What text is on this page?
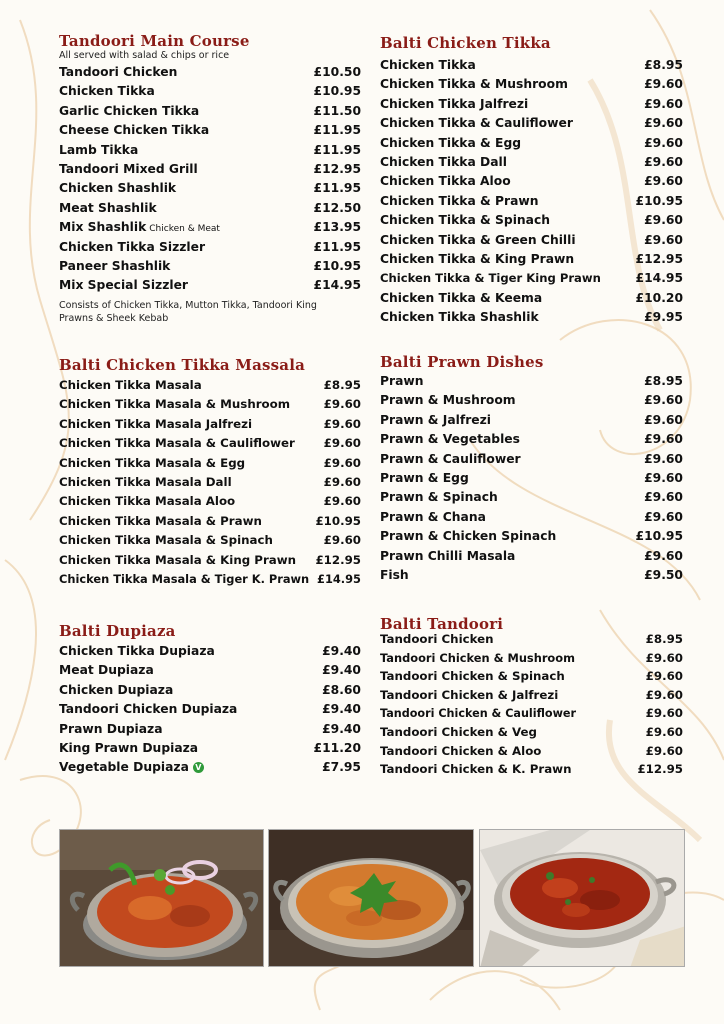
Tandoori Main Course
All served with salad & chips or rice
Tandoori Chicken	£10.50
Chicken Tikka	£10.95
Garlic Chicken Tikka	£11.50
Cheese Chicken Tikka	£11.95
Lamb Tikka	£11.95
Tandoori Mixed Grill	£12.95
Chicken Shashlik	£11.95
Meat Shashlik	£12.50
Mix Shashlik Chicken & Meat	£13.95
Chicken Tikka Sizzler	£11.95
Paneer Shashlik	£10.95
Mix Special Sizzler	£14.95
Consists of Chicken Tikka, Mutton Tikka, Tandoori King Prawns & Sheek Kebab
Balti Chicken Tikka
Chicken Tikka	£8.95
Chicken Tikka & Mushroom	£9.60
Chicken Tikka Jalfrezi	£9.60
Chicken Tikka & Cauliflower	£9.60
Chicken Tikka & Egg	£9.60
Chicken Tikka Dall	£9.60
Chicken Tikka Aloo	£9.60
Chicken Tikka & Prawn	£10.95
Chicken Tikka & Spinach	£9.60
Chicken Tikka & Green Chilli	£9.60
Chicken Tikka & King Prawn	£12.95
Chicken Tikka & Tiger King Prawn	£14.95
Chicken Tikka & Keema	£10.20
Chicken Tikka Shashlik	£9.95
Balti Chicken Tikka Massala
Chicken Tikka Masala	£8.95
Chicken Tikka Masala & Mushroom	£9.60
Chicken Tikka Masala Jalfrezi	£9.60
Chicken Tikka Masala & Cauliflower £9.60
Chicken Tikka Masala & Egg	£9.60
Chicken Tikka Masala Dall	£9.60
Chicken Tikka Masala Aloo	£9.60
Chicken Tikka Masala & Prawn	£10.95
Chicken Tikka Masala & Spinach	£9.60
Chicken Tikka Masala & King Prawn £12.95
Chicken Tikka Masala & Tiger K. Prawn £14.95
Balti Prawn Dishes
Prawn	£8.95
Prawn & Mushroom	£9.60
Prawn & Jalfrezi	£9.60
Prawn & Vegetables	£9.60
Prawn & Cauliflower	£9.60
Prawn & Egg	£9.60
Prawn & Spinach	£9.60
Prawn & Chana	£9.60
Prawn & Chicken Spinach	£10.95
Prawn Chilli Masala	£9.60
Fish	£9.50
Balti Dupiaza
Chicken Tikka Dupiaza	£9.40
Meat Dupiaza	£9.40
Chicken Dupiaza	£8.60
Tandoori Chicken Dupiaza	£9.40
Prawn Dupiaza	£9.40
King Prawn Dupiaza	£11.20
Vegetable Dupiaza V	£7.95
Balti Tandoori
Tandoori Chicken	£8.95
Tandoori Chicken & Mushroom	£9.60
Tandoori Chicken & Spinach	£9.60
Tandoori Chicken & Jalfrezi	£9.60
Tandoori Chicken & Cauliflower	£9.60
Tandoori Chicken & Veg	£9.60
Tandoori Chicken & Aloo	£9.60
Tandoori Chicken & K. Prawn	£12.95
